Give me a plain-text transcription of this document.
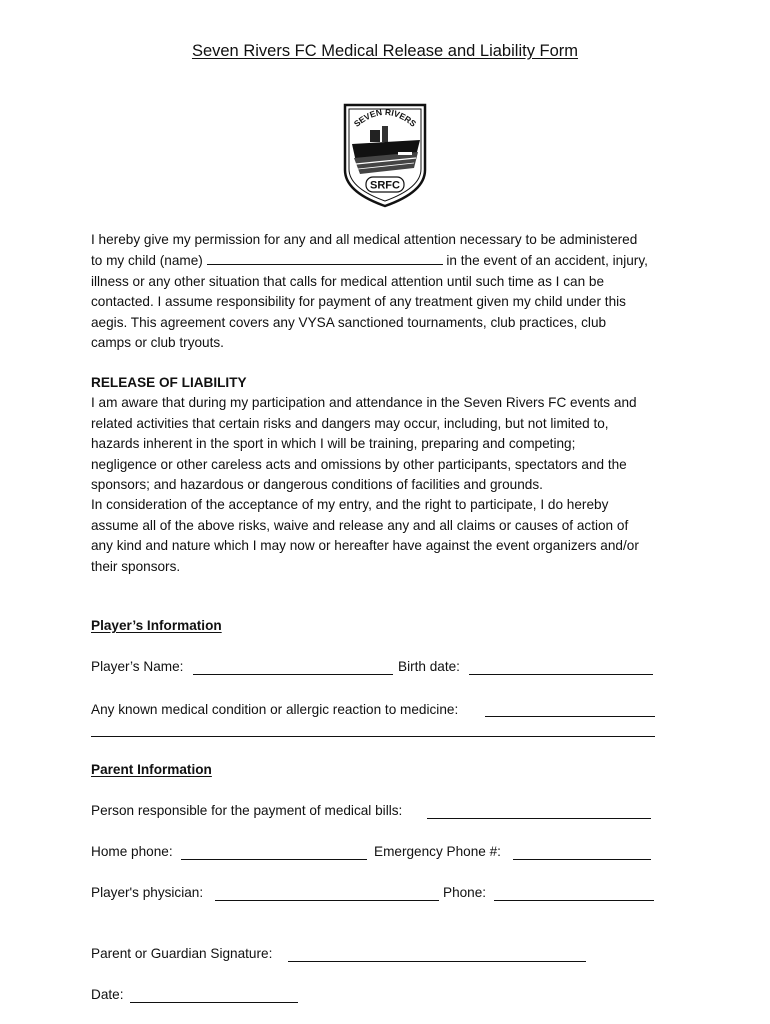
Seven Rivers FC Medical Release and Liability Form
SEVEN RIVERS
SRFC
I hereby give my permission for any and all medical attention necessary to be administered
to my child (name)	in the event of an accident, injury,
illness or any other situation that calls for medical attention until such time as I can be
contacted. I assume responsibility for payment of any treatment given my child under this
aegis. This agreement covers any VYSA sanctioned tournaments, club practices, club
camps or club tryouts.
RELEASE OF LIABILITY
I am aware that during my participation and attendance in the Seven Rivers FC events and
related activities that certain risks and dangers may occur, including, but not limited to,
hazards inherent in the sport in which I will be training, preparing and competing;
negligence or other careless acts and omissions by other participants, spectators and the
sponsors; and hazardous or dangerous conditions of facilities and grounds.
In consideration of the acceptance of my entry, and the right to participate, I do hereby
assume all of the above risks, waive and release any and all claims or causes of action of
any kind and nature which I may now or hereafter have against the event organizers and/or
their sponsors.
Player’s Information
Player’s Name:	Birth date:
Any known medical condition or allergic reaction to medicine:
Parent Information
Person responsible for the payment of medical bills:
Home phone:	Emergency Phone #:
Player's physician:	Phone:
Parent or Guardian Signature:
Date:
